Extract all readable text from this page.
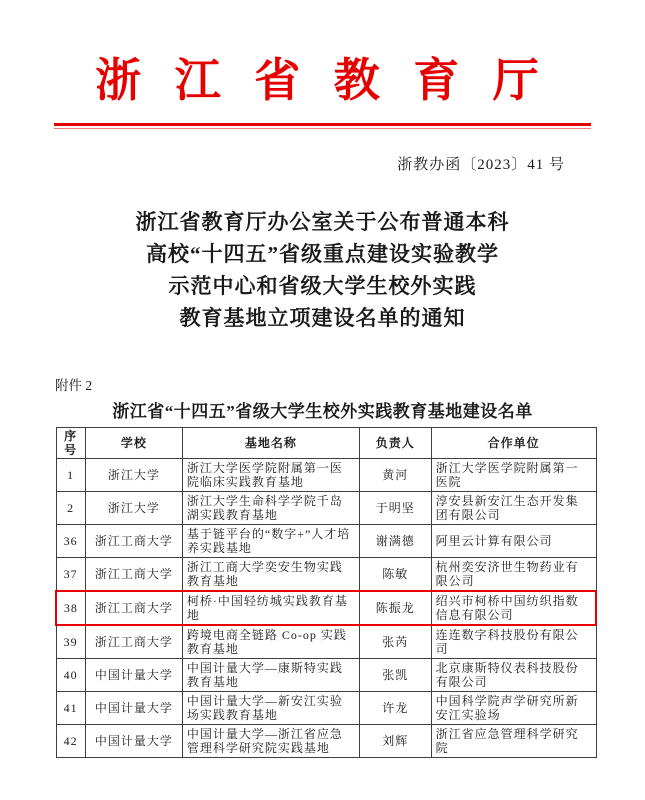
浙 江 省 教 育 厅
浙教办函〔2023〕41 号
浙江省教育厅办公室关于公布普通本科
高校“十四五”省级重点建设实验教学
示范中心和省级大学生校外实践
教育基地立项建设名单的通知
附件 2
浙江省“十四五”省级大学生校外实践教育基地建设名单
序号	学校	基地名称	负责人	合作单位
1	浙江大学	浙江大学医学院附属第一医院临床实践教育基地	黄河	浙江大学医学院附属第一医院
2	浙江大学	浙江大学生命科学学院千岛湖实践教育基地	于明坚	淳安县新安江生态开发集团有限公司
36	浙江工商大学	基于链平台的“数字+”人才培养实践基地	谢满德	阿里云计算有限公司
37	浙江工商大学	浙江工商大学奕安生物实践教育基地	陈敏	杭州奕安济世生物药业有限公司
38	浙江工商大学	柯桥·中国轻纺城实践教育基地	陈振龙	绍兴市柯桥中国纺织指数信息有限公司
39	浙江工商大学	跨境电商全链路 Co-op 实践教育基地	张芮	连连数字科技股份有限公司
40	中国计量大学	中国计量大学—康斯特实践教育基地	张凯	北京康斯特仪表科技股份有限公司
41	中国计量大学	中国计量大学—新安江实验场实践教育基地	许龙	中国科学院声学研究所新安江实验场
42	中国计量大学	中国计量大学—浙江省应急管理科学研究院实践基地	刘辉	浙江省应急管理科学研究院
